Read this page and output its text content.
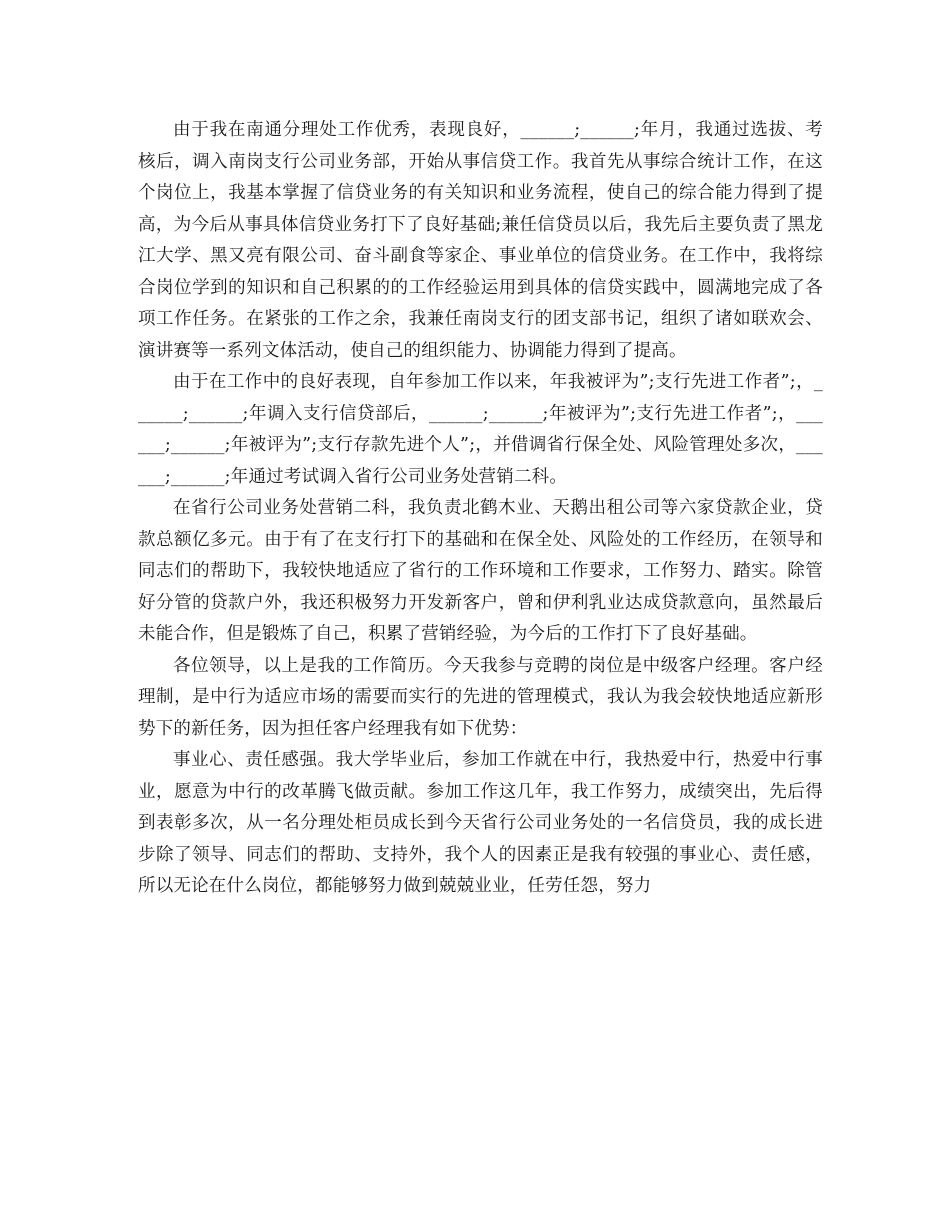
由于我在南通分理处工作优秀，表现良好，______;______;年月，我通过选拔、考核后，调入南岗支行公司业务部，开始从事信贷工作。我首先从事综合统计工作，在这个岗位上，我基本掌握了信贷业务的有关知识和业务流程，使自己的综合能力得到了提高，为今后从事具体信贷业务打下了良好基础;兼任信贷员以后，我先后主要负责了黑龙江大学、黑又亮有限公司、奋斗副食等家企、事业单位的信贷业务。在工作中，我将综合岗位学到的知识和自己积累的的工作经验运用到具体的信贷实践中，圆满地完成了各项工作任务。在紧张的工作之余，我兼任南岗支行的团支部书记，组织了诸如联欢会、演讲赛等一系列文体活动，使自己的组织能力、协调能力得到了提高。

由于在工作中的良好表现，自年参加工作以来，年我被评为”;支行先进工作者”;，______;______;年调入支行信贷部后，______;______;年被评为”;支行先进工作者”;，______;______;年被评为”;支行存款先进个人”;，并借调省行保全处、风险管理处多次，______;______;年通过考试调入省行公司业务处营销二科。

在省行公司业务处营销二科，我负责北鹤木业、天鹅出租公司等六家贷款企业，贷款总额亿多元。由于有了在支行打下的基础和在保全处、风险处的工作经历，在领导和同志们的帮助下，我较快地适应了省行的工作环境和工作要求，工作努力、踏实。除管好分管的贷款户外，我还积极努力开发新客户，曾和伊利乳业达成贷款意向，虽然最后未能合作，但是锻炼了自己，积累了营销经验，为今后的工作打下了良好基础。

各位领导，以上是我的工作简历。今天我参与竞聘的岗位是中级客户经理。客户经理制，是中行为适应市场的需要而实行的先进的管理模式，我认为我会较快地适应新形势下的新任务，因为担任客户经理我有如下优势：

事业心、责任感强。我大学毕业后，参加工作就在中行，我热爱中行，热爱中行事业，愿意为中行的改革腾飞做贡献。参加工作这几年，我工作努力，成绩突出，先后得到表彰多次，从一名分理处柜员成长到今天省行公司业务处的一名信贷员，我的成长进步除了领导、同志们的帮助、支持外，我个人的因素正是我有较强的事业心、责任感，所以无论在什么岗位，都能够努力做到兢兢业业，任劳任怨，努力
